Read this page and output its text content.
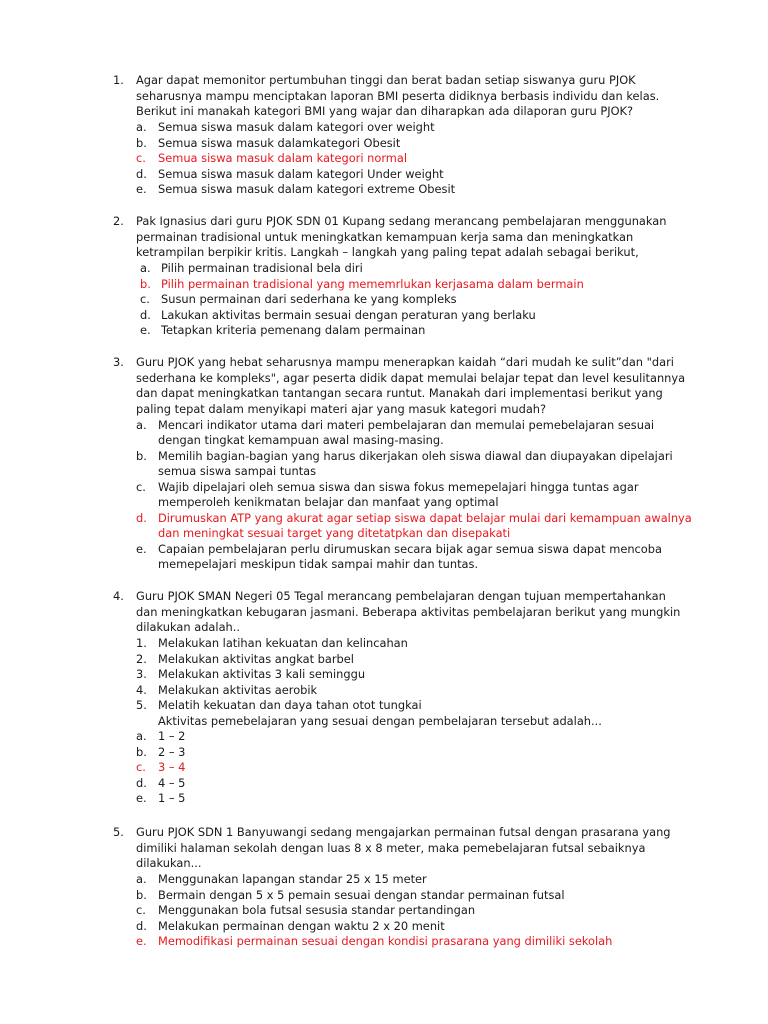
1. Agar dapat memonitor pertumbuhan tinggi dan berat badan setiap siswanya guru PJOK
seharusnya mampu menciptakan laporan BMI peserta didiknya berbasis individu dan kelas.
Berikut ini manakah kategori BMI yang wajar dan diharapkan ada dilaporan guru PJOK?
a. Semua siswa masuk dalam kategori over weight
b. Semua siswa masuk dalamkategori Obesit
c. Semua siswa masuk dalam kategori normal
d. Semua siswa masuk dalam kategori Under weight
e. Semua siswa masuk dalam kategori extreme Obesit
2. Pak Ignasius dari guru PJOK SDN 01 Kupang sedang merancang pembelajaran menggunakan
permainan tradisional untuk meningkatkan kemampuan kerja sama dan meningkatkan
ketrampilan berpikir kritis. Langkah – langkah yang paling tepat adalah sebagai berikut,
a. Pilih permainan tradisional bela diri
b. Pilih permainan tradisional yang mememrlukan kerjasama dalam bermain
c. Susun permainan dari sederhana ke yang kompleks
d. Lakukan aktivitas bermain sesuai dengan peraturan yang berlaku
e. Tetapkan kriteria pemenang dalam permainan
3. Guru PJOK yang hebat seharusnya mampu menerapkan kaidah “dari mudah ke sulit”dan "dari
sederhana ke kompleks", agar peserta didik dapat memulai belajar tepat dan level kesulitannya
dan dapat meningkatkan tantangan secara runtut. Manakah dari implementasi berikut yang
paling tepat dalam menyikapi materi ajar yang masuk kategori mudah?
a. Mencari indikator utama dari materi pembelajaran dan memulai pemebelajaran sesuai
dengan tingkat kemampuan awal masing-masing.
b. Memilih bagian-bagian yang harus dikerjakan oleh siswa diawal dan diupayakan dipelajari
semua siswa sampai tuntas
c. Wajib dipelajari oleh semua siswa dan siswa fokus memepelajari hingga tuntas agar
memperoleh kenikmatan belajar dan manfaat yang optimal
d. Dirumuskan ATP yang akurat agar setiap siswa dapat belajar mulai dari kemampuan awalnya
dan meningkat sesuai target yang ditetatpkan dan disepakati
e. Capaian pembelajaran perlu dirumuskan secara bijak agar semua siswa dapat mencoba
memepelajari meskipun tidak sampai mahir dan tuntas.
4. Guru PJOK SMAN Negeri 05 Tegal merancang pembelajaran dengan tujuan mempertahankan
dan meningkatkan kebugaran jasmani. Beberapa aktivitas pembelajaran berikut yang mungkin
dilakukan adalah..
1. Melakukan latihan kekuatan dan kelincahan
2. Melakukan aktivitas angkat barbel
3. Melakukan aktivitas 3 kali seminggu
4. Melakukan aktivitas aerobik
5. Melatih kekuatan dan daya tahan otot tungkai
Aktivitas pemebelajaran yang sesuai dengan pembelajaran tersebut adalah...
a. 1 – 2
b. 2 – 3
c. 3 – 4
d. 4 – 5
e. 1 – 5
5. Guru PJOK SDN 1 Banyuwangi sedang mengajarkan permainan futsal dengan prasarana yang
dimiliki halaman sekolah dengan luas 8 x 8 meter, maka pemebelajaran futsal sebaiknya
dilakukan...
a. Menggunakan lapangan standar 25 x 15 meter
b. Bermain dengan 5 x 5 pemain sesuai dengan standar permainan futsal
c. Menggunakan bola futsal sesusia standar pertandingan
d. Melakukan permainan dengan waktu 2 x 20 menit
e. Memodifikasi permainan sesuai dengan kondisi prasarana yang dimiliki sekolah
